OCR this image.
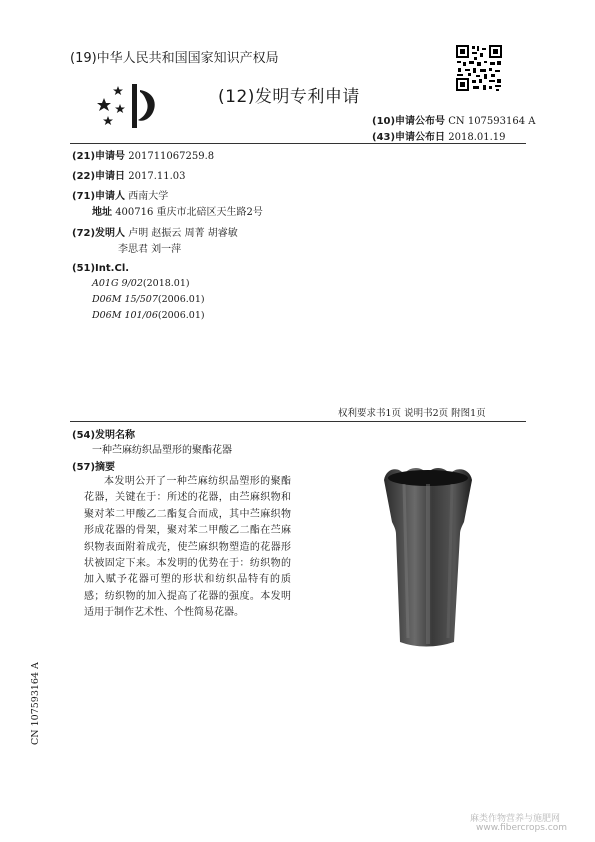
(19)中华人民共和国国家知识产权局
(12)发明专利申请
(10)申请公布号 CN 107593164 A
(43)申请公布日 2018.01.19
(21)申请号 201711067259.8
(22)申请日 2017.11.03
(71)申请人 西南大学
地址 400716 重庆市北碚区天生路2号
(72)发明人 卢明 赵振云 周菁 胡睿敏
李思君 刘一萍
(51)Int.Cl.
A01G 9/02(2018.01)
D06M 15/507(2006.01)
D06M 101/06(2006.01)
权利要求书1页 说明书2页 附图1页
(54)发明名称
一种苎麻纺织品塑形的聚酯花器
(57)摘要
本发明公开了一种苎麻纺织品塑形的聚酯花器，关键在于：所述的花器，由苎麻织物和聚对苯二甲酸乙二酯复合而成，其中苎麻织物形成花器的骨架，聚对苯二甲酸乙二酯在苎麻织物表面附着成壳，使苎麻织物塑造的花器形状被固定下来。本发明的优势在于：纺织物的加入赋予花器可塑的形状和纺织品特有的质感；纺织物的加入提高了花器的强度。本发明适用于制作艺术性、个性简易花器。
CN 107593164 A
麻类作物营养与施肥网
www.fibercrops.com
